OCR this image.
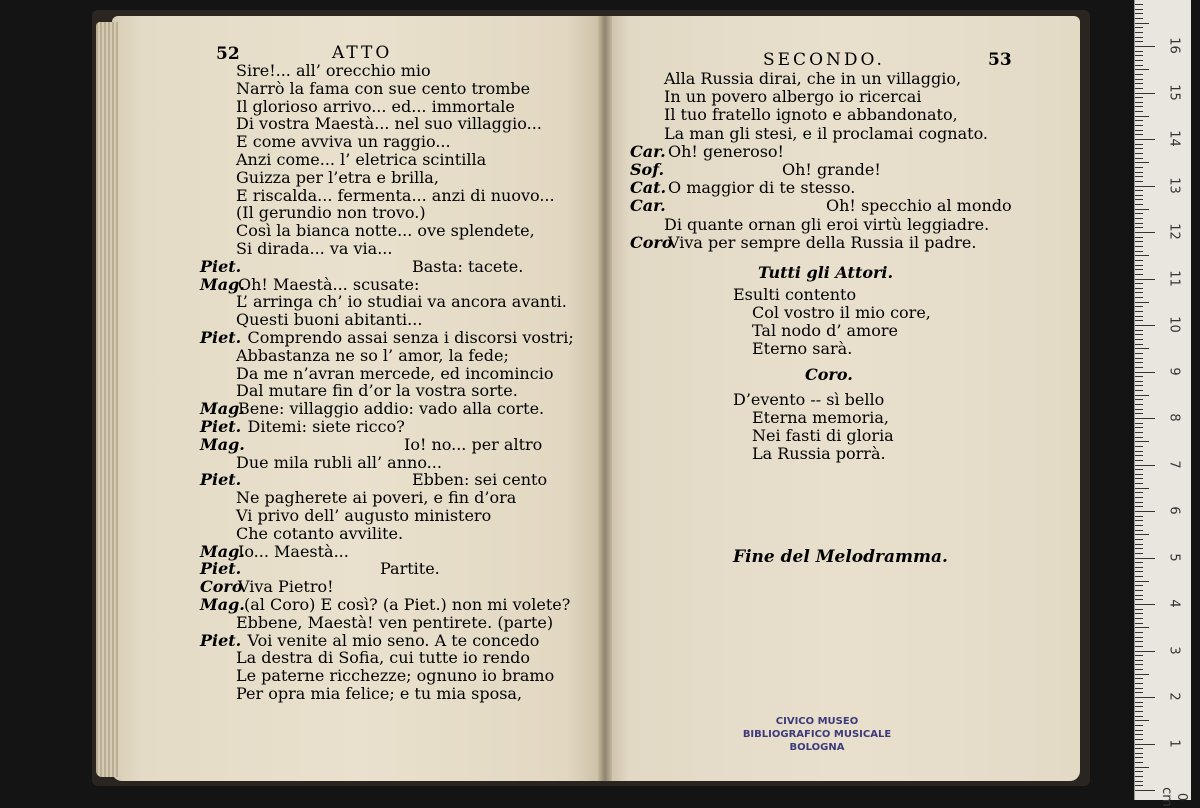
52	ATTO	SECONDO.	53
Sire!... all’ orecchio mio
Narrò la fama con sue cento trombe
Il glorioso arrivo... ed... immortale
Di vostra Maestà... nel suo villaggio...
E come avviva un raggio...
Anzi come... l’ eletrica scintilla
Guizza per l’etra e brilla,
E riscalda... fermenta... anzi di nuovo...
(Il gerundio non trovo.)
Così la bianca notte... ove splendete,
Si dirada... va via...
Piet.	Basta: tacete.
Mag.
Oh! Maestà... scusate:
L’ arringa ch’ io studiai va ancora avanti.
Questi buoni abitanti...
Piet. Comprendo assai senza i discorsi vostri;
Abbastanza ne so l’ amor, la fede;
Da me n’avran mercede, ed incomincio
Dal mutare fin d’or la vostra sorte.
Mag.
Bene: villaggio addio: vado alla corte.
Piet. Ditemi: siete ricco?
Mag.	Io! no... per altro
Due mila rubli all’ anno...
Piet.	Ebben: sei cento
Ne pagherete ai poveri, e fin d’ora
Vi privo dell’ augusto ministero
Che cotanto avvilite.
Mag.
Io... Maestà...
Piet.	Partite.
Coro
Viva Pietro!
Mag. (al Coro) E così? (a Piet.) non mi volete?
Ebbene, Maestà! ven pentirete. (parte)
Piet. Voi venite al mio seno. A te concedo
La destra di Sofia, cui tutte io rendo
Le paterne ricchezze; ognuno io bramo
Per opra mia felice; e tu mia sposa,
Alla Russia dirai, che in un villaggio,
In un povero albergo io ricercai
Il tuo fratello ignoto e abbandonato,
La man gli stesi, e il proclamai cognato.
Car. Oh! generoso!
Sof.	Oh! grande!
Cat. O maggior di te stesso.
Car.	Oh! specchio al mondo
Di quante ornan gli eroi virtù leggiadre.
Coro
Viva per sempre della Russia il padre.
Tutti gli Attori.
Esulti contento
Col vostro il mio core,
Tal nodo d’ amore
Eterno sarà.
Coro.
D’evento -- sì bello
Eterna memoria,
Nei fasti di gloria
La Russia porrà.
Fine del Melodramma.
CIVICO MUSEO
BIBLIOGRAFICO MUSICALE
BOLOGNA
0 cm
1
2
3
4
5
6
7
8
9
10
11
12
13
14
15
16
